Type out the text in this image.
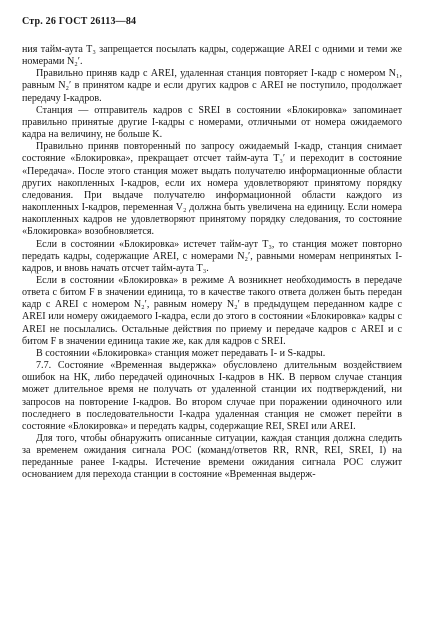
Стр. 26 ГОСТ 26113—84

ния тайм-аута T₃ запрещается посылать кадры, содержащие AREI с одними и теми же номерами N₂′.

Правильно приняв кадр с AREI, удаленная станция повторяет I-кадр с номером N₁, равным N₂′ в принятом кадре и если других кадров с AREI не поступило, продолжает передачу I-кадров.

Станция — отправитель кадров с SREI в состоянии «Блокировка» запоминает правильно принятые другие I-кадры с номерами, отличными от номера ожидаемого кадра на величину, не больше K.

Правильно приняв повторенный по запросу ожидаемый I-кадр, станция снимает состояние «Блокировка», прекращает отсчет тайм-аута T₃′ и переходит в состояние «Передача». После этого станция может выдать получателю информационные области других накопленных I-кадров, если их номера удовлетворяют принятому порядку следования. При выдаче получателю информационной области каждого из накопленных I-кадров, переменная V₂ должна быть увеличена на единицу. Если номера накопленных кадров не удовлетворяют принятому порядку следования, то состояние «Блокировка» возобновляется.

Если в состоянии «Блокировка» истечет тайм-аут T₃, то станция может повторно передать кадры, содержащие AREI, с номерами N₂′, равными номерам непринятых I-кадров, и вновь начать отсчет тайм-аута T₃.

Если в состоянии «Блокировка» в режиме A возникнет необходимость в передаче ответа с битом F в значении единица, то в качестве такого ответа должен быть передан кадр с AREI с номером N₂′, равным номеру N₂′ в предыдущем переданном кадре с AREI или номеру ожидаемого I-кадра, если до этого в состоянии «Блокировка» кадры с AREI не посылались. Остальные действия по приему и передаче кадров с AREI и с битом F в значении единица такие же, как для кадров с SREI.

В состоянии «Блокировка» станция может передавать I- и S-кадры.

7.7. Состояние «Временная выдержка» обусловлено длительным воздействием ошибок на НК, либо передачей одиночных I-кадров в НК. В первом случае станция может длительное время не получать от удаленной станции их подтверждений, ни запросов на повторение I-кадров. Во втором случае при поражении одиночного или последнего в последовательности I-кадра удаленная станция не сможет перейти в состояние «Блокировка» и передать кадры, содержащие REI, SREI или AREI.

Для того, чтобы обнаружить описанные ситуации, каждая станция должна следить за временем ожидания сигнала РОС (команд/ответов RR, RNR, REI, SREI, I) на переданные ранее I-кадры. Истечение времени ожидания сигнала РОС служит основанием для перехода станции в состояние «Временная выдерж-
